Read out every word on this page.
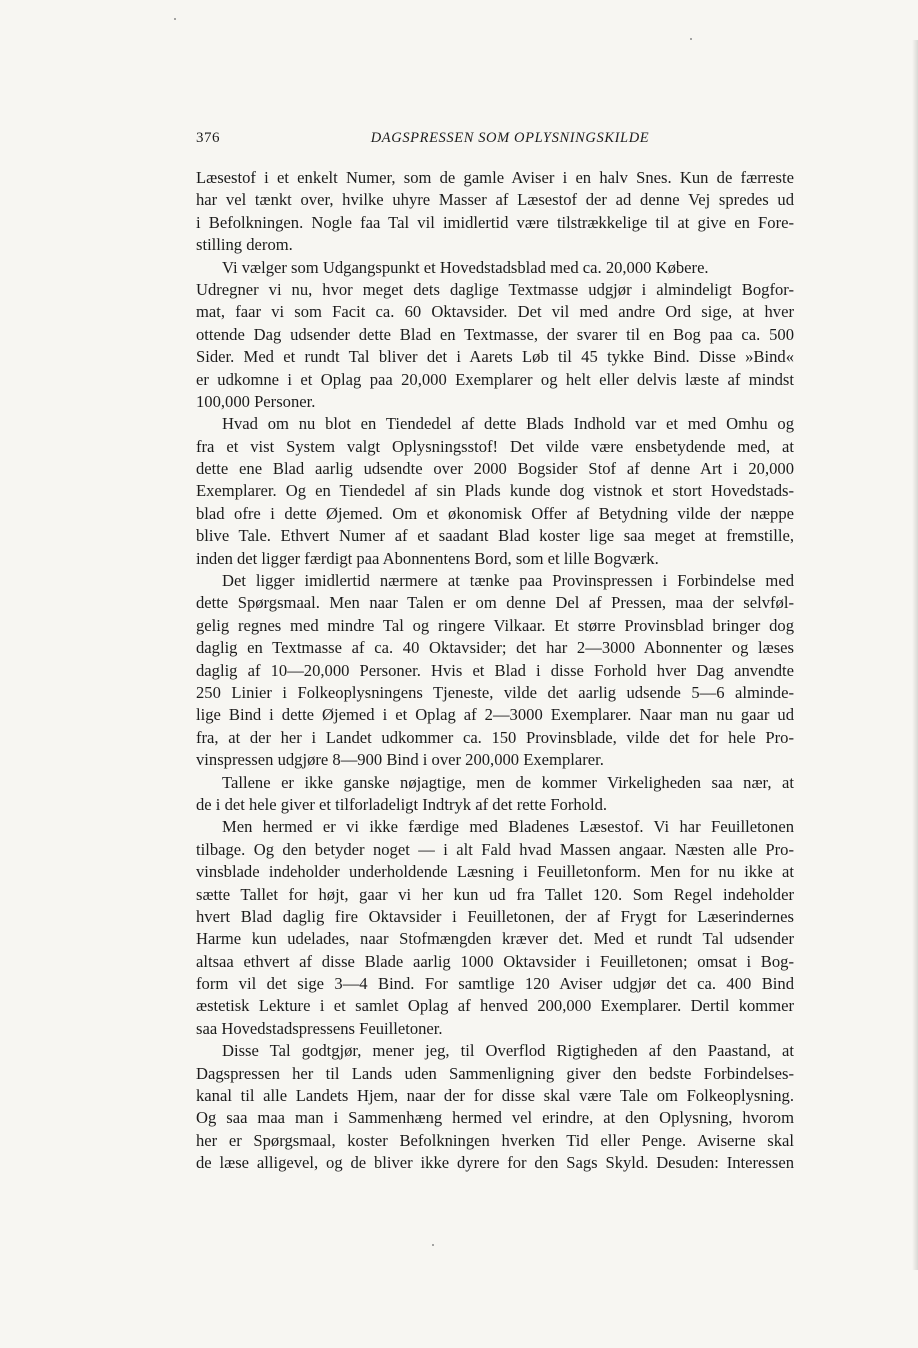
376	DAGSPRESSEN SOM OPLYSNINGSKILDE
Læsestof i et enkelt Numer, som de gamle Aviser i en halv Snes. Kun de færreste
har vel tænkt over, hvilke uhyre Masser af Læsestof der ad denne Vej spredes ud
i Befolkningen. Nogle faa Tal vil imidlertid være tilstrækkelige til at give en Fore-
stilling derom.
Vi vælger som Udgangspunkt et Hovedstadsblad med ca. 20,000 Købere.
Udregner vi nu, hvor meget dets daglige Textmasse udgjør i almindeligt Bogfor-
mat, faar vi som Facit ca. 60 Oktavsider. Det vil med andre Ord sige, at hver
ottende Dag udsender dette Blad en Textmasse, der svarer til en Bog paa ca. 500
Sider. Med et rundt Tal bliver det i Aarets Løb til 45 tykke Bind. Disse »Bind«
er udkomne i et Oplag paa 20,000 Exemplarer og helt eller delvis læste af mindst
100,000 Personer.
Hvad om nu blot en Tiendedel af dette Blads Indhold var et med Omhu og
fra et vist System valgt Oplysningsstof! Det vilde være ensbetydende med, at
dette ene Blad aarlig udsendte over 2000 Bogsider Stof af denne Art i 20,000
Exemplarer. Og en Tiendedel af sin Plads kunde dog vistnok et stort Hovedstads-
blad ofre i dette Øjemed. Om et økonomisk Offer af Betydning vilde der næppe
blive Tale. Ethvert Numer af et saadant Blad koster lige saa meget at fremstille,
inden det ligger færdigt paa Abonnentens Bord, som et lille Bogværk.
Det ligger imidlertid nærmere at tænke paa Provinspressen i Forbindelse med
dette Spørgsmaal. Men naar Talen er om denne Del af Pressen, maa der selvføl-
gelig regnes med mindre Tal og ringere Vilkaar. Et større Provinsblad bringer dog
daglig en Textmasse af ca. 40 Oktavsider; det har 2—3000 Abonnenter og læses
daglig af 10—20,000 Personer. Hvis et Blad i disse Forhold hver Dag anvendte
250 Linier i Folkeoplysningens Tjeneste, vilde det aarlig udsende 5—6 alminde-
lige Bind i dette Øjemed i et Oplag af 2—3000 Exemplarer. Naar man nu gaar ud
fra, at der her i Landet udkommer ca. 150 Provinsblade, vilde det for hele Pro-
vinspressen udgjøre 8—900 Bind i over 200,000 Exemplarer.
Tallene er ikke ganske nøjagtige, men de kommer Virkeligheden saa nær, at
de i det hele giver et tilforladeligt Indtryk af det rette Forhold.
Men hermed er vi ikke færdige med Bladenes Læsestof. Vi har Feuilletonen
tilbage. Og den betyder noget — i alt Fald hvad Massen angaar. Næsten alle Pro-
vinsblade indeholder underholdende Læsning i Feuilletonform. Men for nu ikke at
sætte Tallet for højt, gaar vi her kun ud fra Tallet 120. Som Regel indeholder
hvert Blad daglig fire Oktavsider i Feuilletonen, der af Frygt for Læserindernes
Harme kun udelades, naar Stofmængden kræver det. Med et rundt Tal udsender
altsaa ethvert af disse Blade aarlig 1000 Oktavsider i Feuilletonen; omsat i Bog-
form vil det sige 3—4 Bind. For samtlige 120 Aviser udgjør det ca. 400 Bind
æstetisk Lekture i et samlet Oplag af henved 200,000 Exemplarer. Dertil kommer
saa Hovedstadspressens Feuilletoner.
Disse Tal godtgjør, mener jeg, til Overflod Rigtigheden af den Paastand, at
Dagspressen her til Lands uden Sammenligning giver den bedste Forbindelses-
kanal til alle Landets Hjem, naar der for disse skal være Tale om Folkeoplysning.
Og saa maa man i Sammenhæng hermed vel erindre, at den Oplysning, hvorom
her er Spørgsmaal, koster Befolkningen hverken Tid eller Penge. Aviserne skal
de læse alligevel, og de bliver ikke dyrere for den Sags Skyld. Desuden: Interessen
